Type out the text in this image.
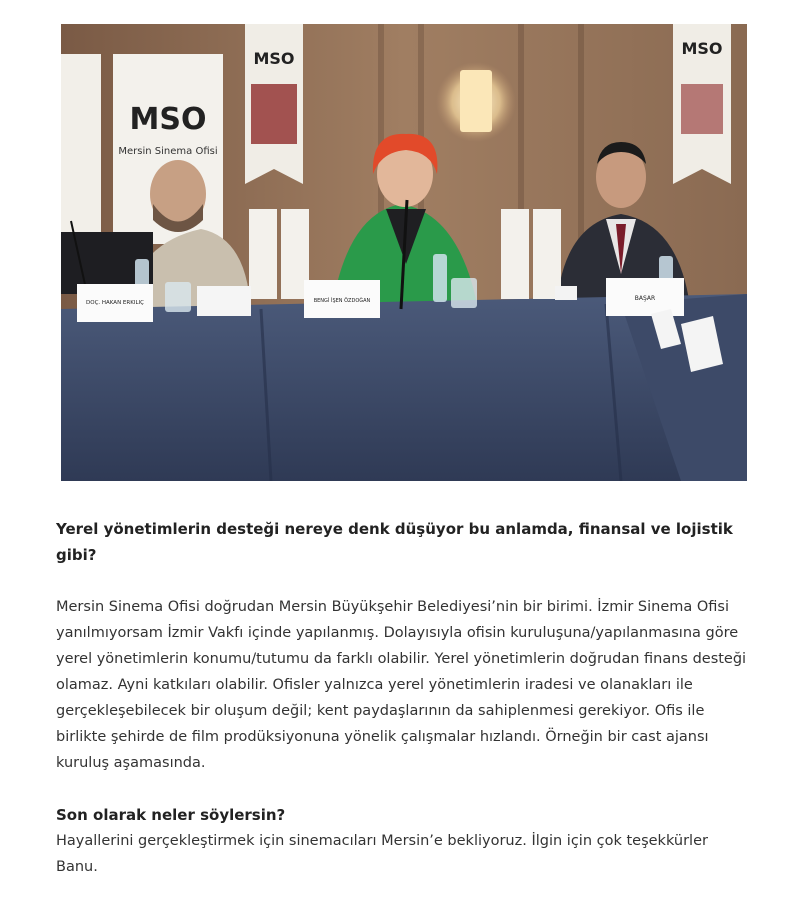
MSO
Mersin Sinema Ofisi
MSO
MSO
DOÇ. HAKAN ERKILIÇ	BENGİ İŞEN ÖZDOĞAN	BAŞAR

Yerel yönetimlerin desteği nereye denk düşüyor bu anlamda, finansal ve lojistik gibi?

Mersin Sinema Ofisi doğrudan Mersin Büyükşehir Belediyesi’nin bir birimi. İzmir Sinema Ofisi yanılmıyorsam İzmir Vakfı içinde yapılanmış. Dolayısıyla ofisin kuruluşuna/yapılanmasına göre yerel yönetimlerin konumu/tutumu da farklı olabilir. Yerel yönetimlerin doğrudan finans desteği olamaz. Ayni katkıları olabilir. Ofisler yalnızca yerel yönetimlerin iradesi ve olanakları ile gerçekleşebilecek bir oluşum değil; kent paydaşlarının da sahiplenmesi gerekiyor. Ofis ile birlikte şehirde de film prodüksiyonuna yönelik çalışmalar hızlandı. Örneğin bir cast ajansı kuruluş aşamasında.

Son olarak neler söylersin?

Hayallerini gerçekleştirmek için sinemacıları Mersin’e bekliyoruz. İlgin için çok teşekkürler Banu.
